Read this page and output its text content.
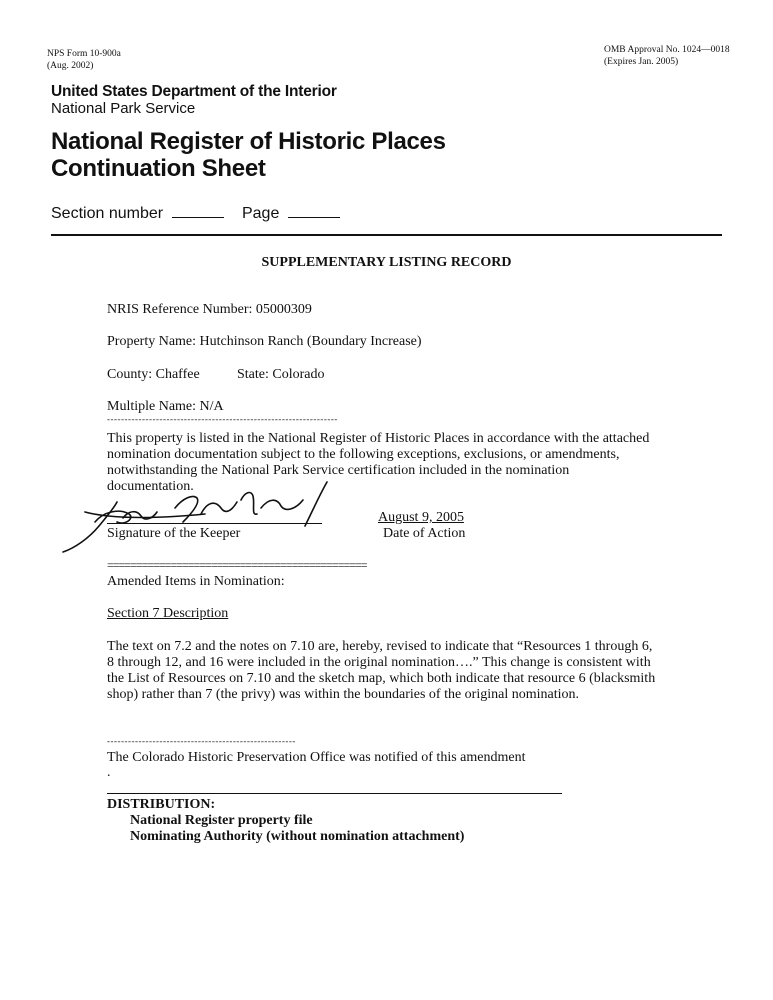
NPS Form 10-900a
(Aug. 2002)
OMB Approval No. 1024—0018
(Expires Jan. 2005)
United States Department of the Interior
National Park Service
National Register of Historic Places
Continuation Sheet
Section number	Page
SUPPLEMENTARY LISTING RECORD
NRIS Reference Number: 05000309
Property Name: Hutchinson Ranch (Boundary Increase)
County: Chaffee	State: Colorado
Multiple Name: N/A
------------------------------------------------------------------
This property is listed in the National Register of Historic Places in accordance with the attached
nomination documentation subject to the following exceptions, exclusions, or amendments,
notwithstanding the National Park Service certification included in the nomination
documentation.
Signature of the Keeper
August 9, 2005
Date of Action
=============================================
Amended Items in Nomination:
Section 7 Description
The text on 7.2 and the notes on 7.10 are, hereby, revised to indicate that “Resources 1 through 6,
8 through 12, and 16 were included in the original nomination….” This change is consistent with
the List of Resources on 7.10 and the sketch map, which both indicate that resource 6 (blacksmith
shop) rather than 7 (the privy) was within the boundaries of the original nomination.
------------------------------------------------------
The Colorado Historic Preservation Office was notified of this amendment
.
DISTRIBUTION:
National Register property file
Nominating Authority (without nomination attachment)
